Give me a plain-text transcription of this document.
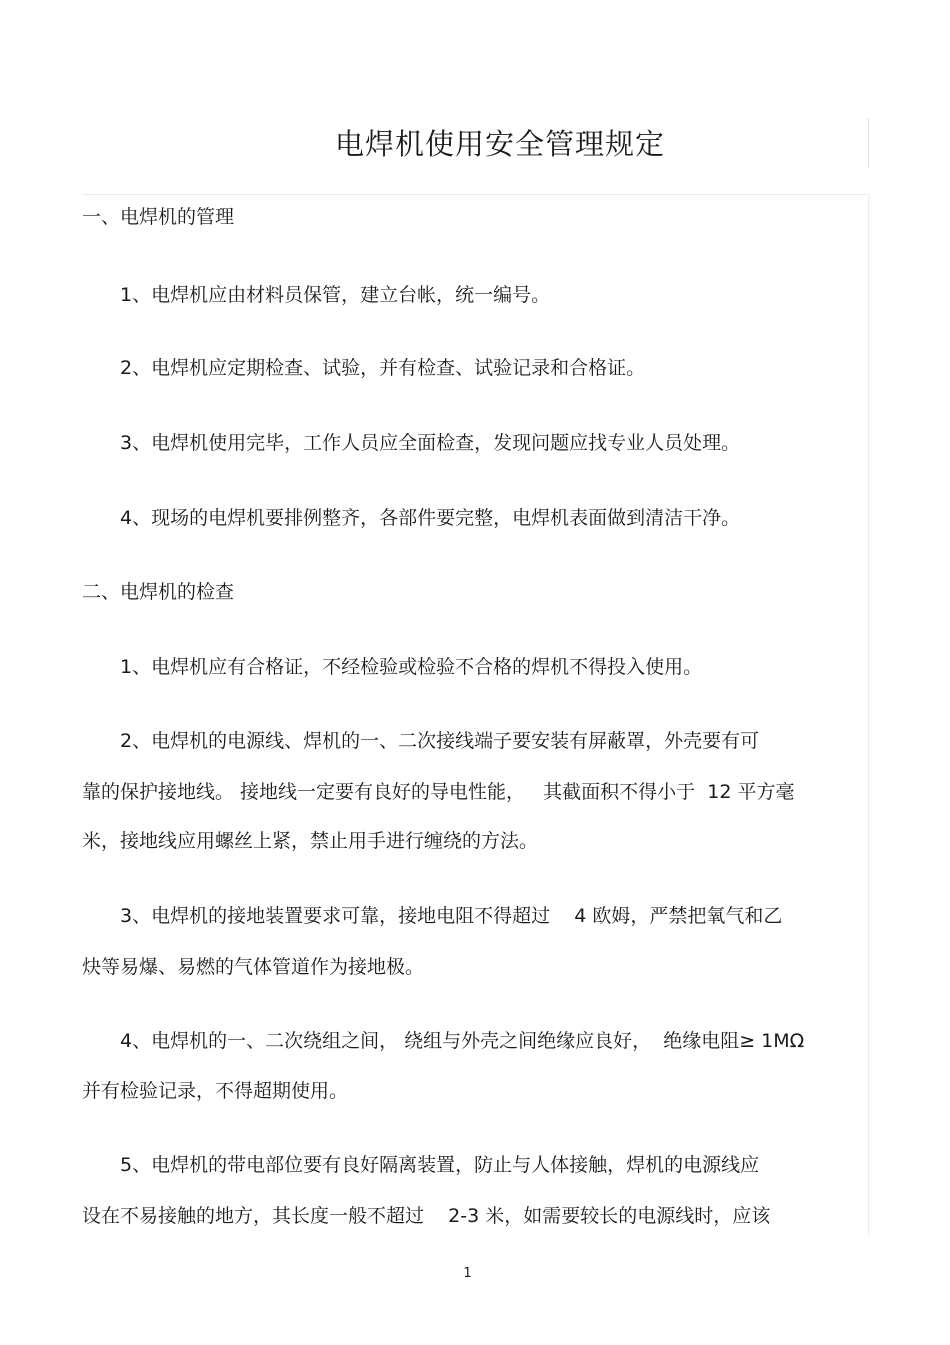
电焊机使用安全管理规定

一、电焊机的管理

1、电焊机应由材料员保管，建立台帐，统一编号。

2、电焊机应定期检查、试验，并有检查、试验记录和合格证。

3、电焊机使用完毕，工作人员应全面检查，发现问题应找专业人员处理。

4、现场的电焊机要排例整齐，各部件要完整，电焊机表面做到清洁干净。

二、电焊机的检查

1、电焊机应有合格证，不经检验或检验不合格的焊机不得投入使用。

2、电焊机的电源线、焊机的一、二次接线端子要安装有屏蔽罩，外壳要有可

靠的保护接地线。 接地线一定要有良好的导电性能，   其截面积不得小于  12 平方毫

米，接地线应用螺丝上紧，禁止用手进行缠绕的方法。

3、电焊机的接地装置要求可靠，接地电阻不得超过    4 欧姆，严禁把氧气和乙

炔等易爆、易燃的气体管道作为接地极。

4、电焊机的一、二次绕组之间， 绕组与外壳之间绝缘应良好，  绝缘电阻≥ 1MΩ

并有检验记录，不得超期使用。

5、电焊机的带电部位要有良好隔离装置，防止与人体接触，焊机的电源线应

设在不易接触的地方，其长度一般不超过    2-3 米，如需要较长的电源线时，应该

1
